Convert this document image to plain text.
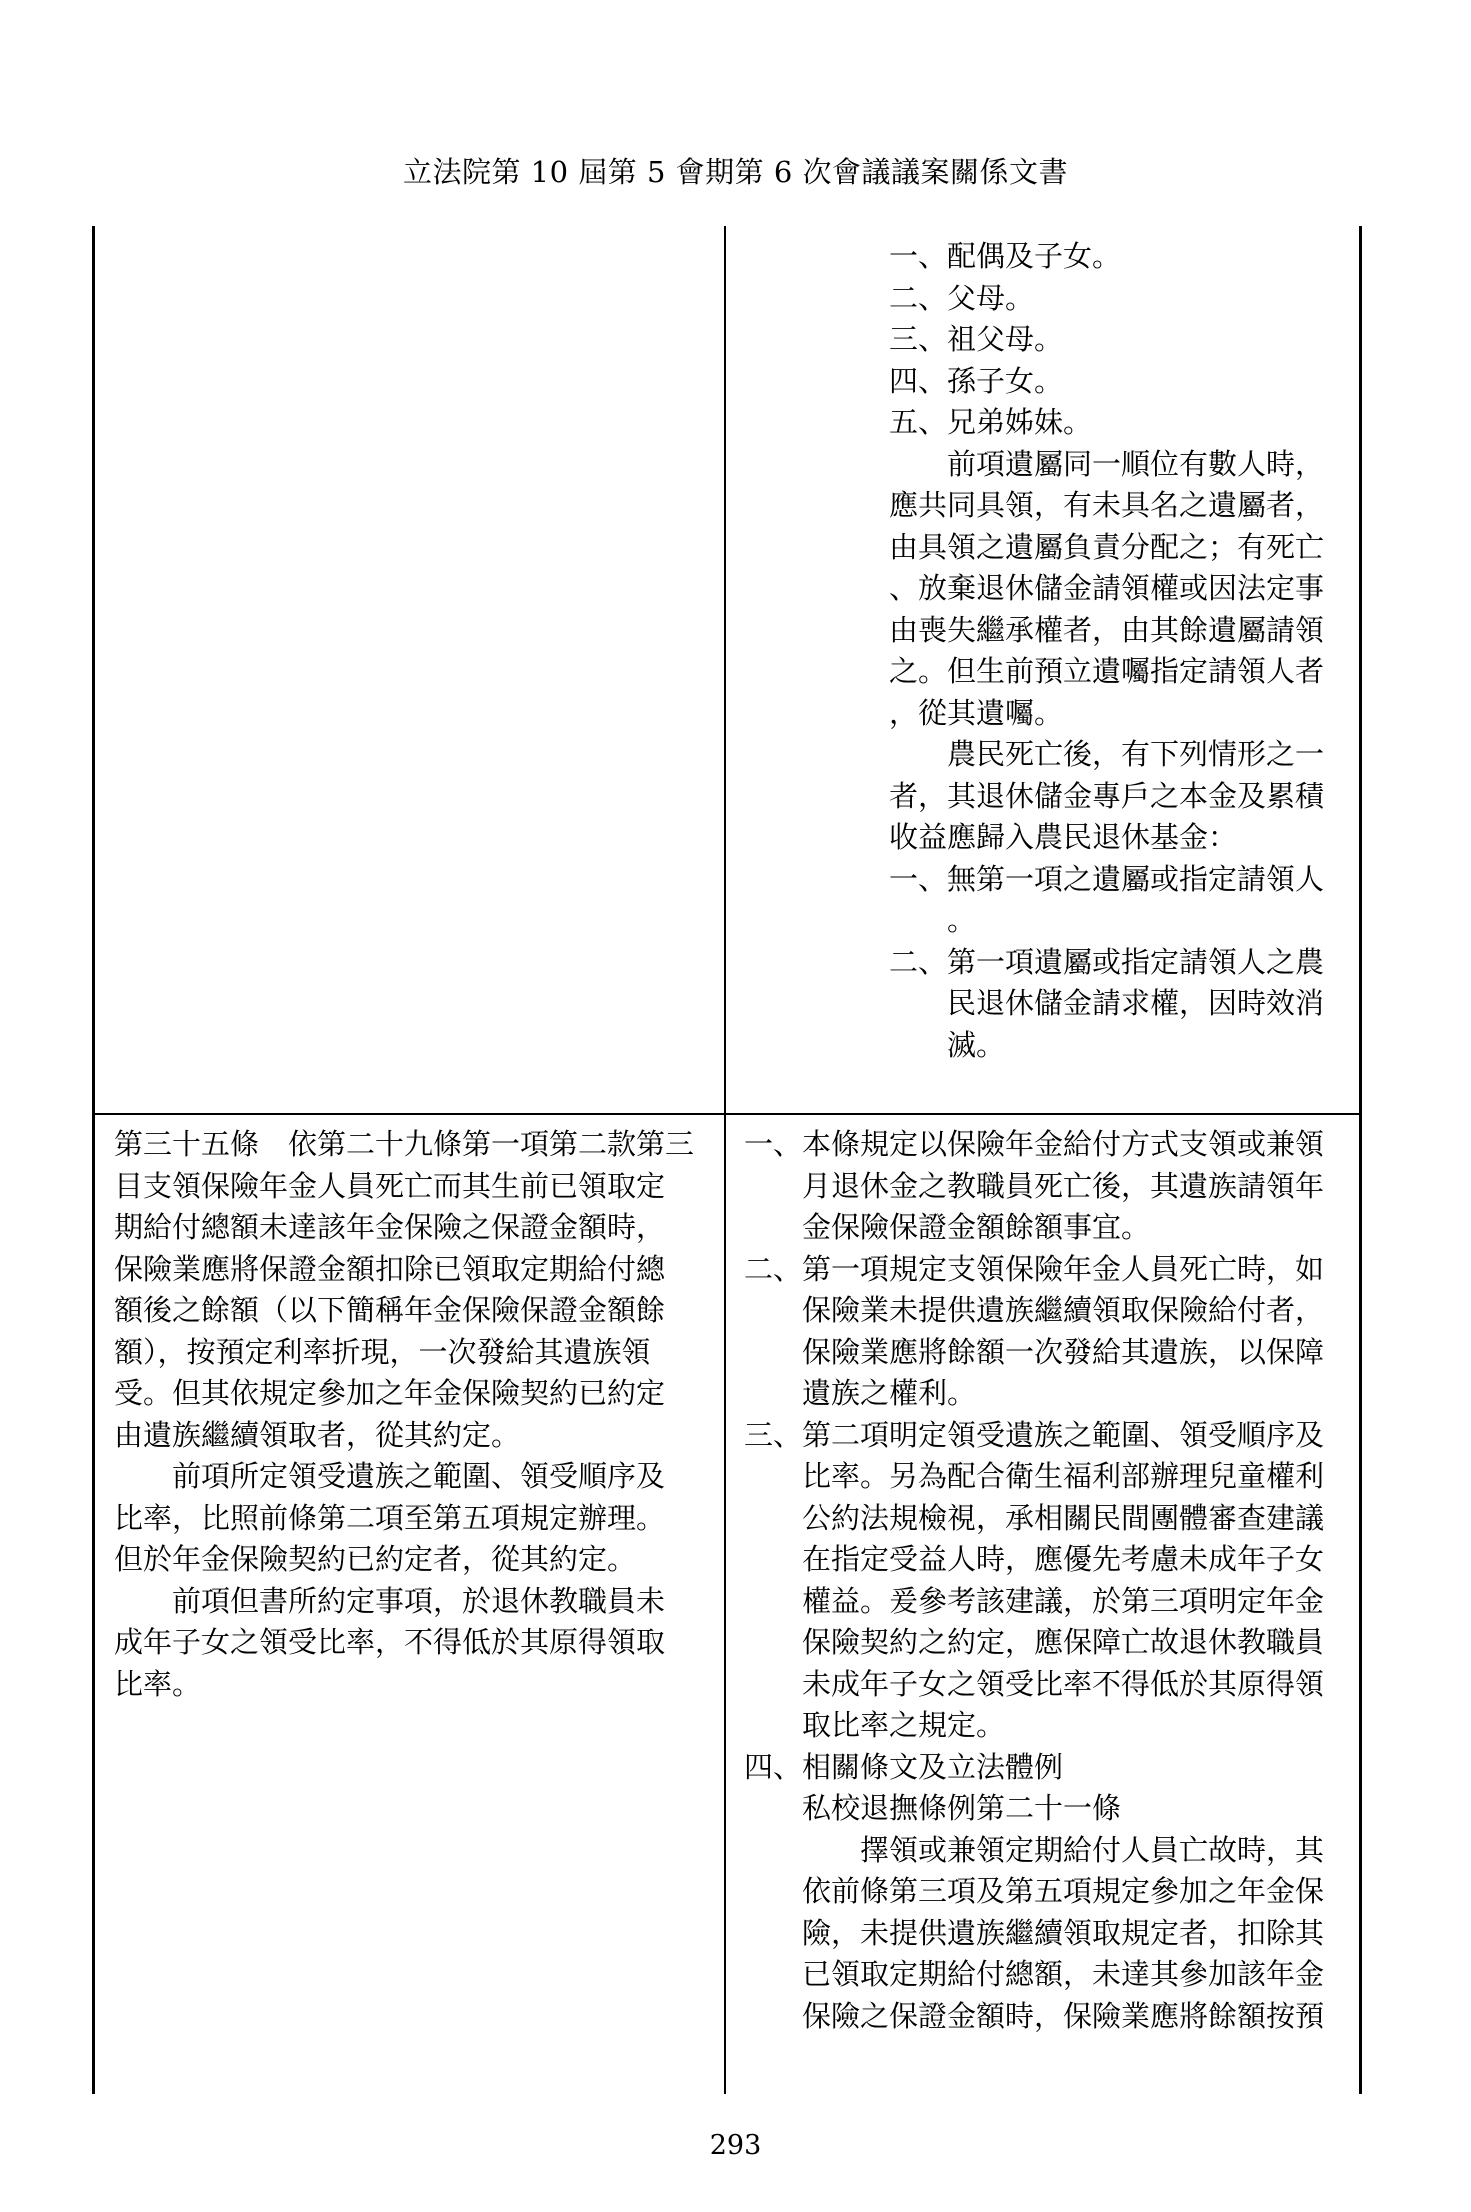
立法院第 10 屆第 5 會期第 6 次會議議案關係文書
一、配偶及子女。
二、父母。
三、祖父母。
四、孫子女。
五、兄弟姊妹。
　　前項遺屬同一順位有數人時，
應共同具領，有未具名之遺屬者，
由具領之遺屬負責分配之；有死亡
、放棄退休儲金請領權或因法定事
由喪失繼承權者，由其餘遺屬請領
之。但生前預立遺囑指定請領人者
，從其遺囑。
　　農民死亡後，有下列情形之一
者，其退休儲金專戶之本金及累積
收益應歸入農民退休基金：
一、無第一項之遺屬或指定請領人
　　。
二、第一項遺屬或指定請領人之農
　　民退休儲金請求權，因時效消
　　滅。
第三十五條　依第二十九條第一項第二款第三
目支領保險年金人員死亡而其生前已領取定
期給付總額未達該年金保險之保證金額時，
保險業應將保證金額扣除已領取定期給付總
額後之餘額（以下簡稱年金保險保證金額餘
額），按預定利率折現，一次發給其遺族領
受。但其依規定參加之年金保險契約已約定
由遺族繼續領取者，從其約定。
　　前項所定領受遺族之範圍、領受順序及
比率，比照前條第二項至第五項規定辦理。
但於年金保險契約已約定者，從其約定。
　　前項但書所約定事項，於退休教職員未
成年子女之領受比率，不得低於其原得領取
比率。
一、本條規定以保險年金給付方式支領或兼領
　　月退休金之教職員死亡後，其遺族請領年
　　金保險保證金額餘額事宜。
二、第一項規定支領保險年金人員死亡時，如
　　保險業未提供遺族繼續領取保險給付者，
　　保險業應將餘額一次發給其遺族，以保障
　　遺族之權利。
三、第二項明定領受遺族之範圍、領受順序及
　　比率。另為配合衛生福利部辦理兒童權利
　　公約法規檢視，承相關民間團體審查建議
　　在指定受益人時，應優先考慮未成年子女
　　權益。爰參考該建議，於第三項明定年金
　　保險契約之約定，應保障亡故退休教職員
　　未成年子女之領受比率不得低於其原得領
　　取比率之規定。
四、相關條文及立法體例
　　私校退撫條例第二十一條
　　　　擇領或兼領定期給付人員亡故時，其
　　依前條第三項及第五項規定參加之年金保
　　險，未提供遺族繼續領取規定者，扣除其
　　已領取定期給付總額，未達其參加該年金
　　保險之保證金額時，保險業應將餘額按預
293
